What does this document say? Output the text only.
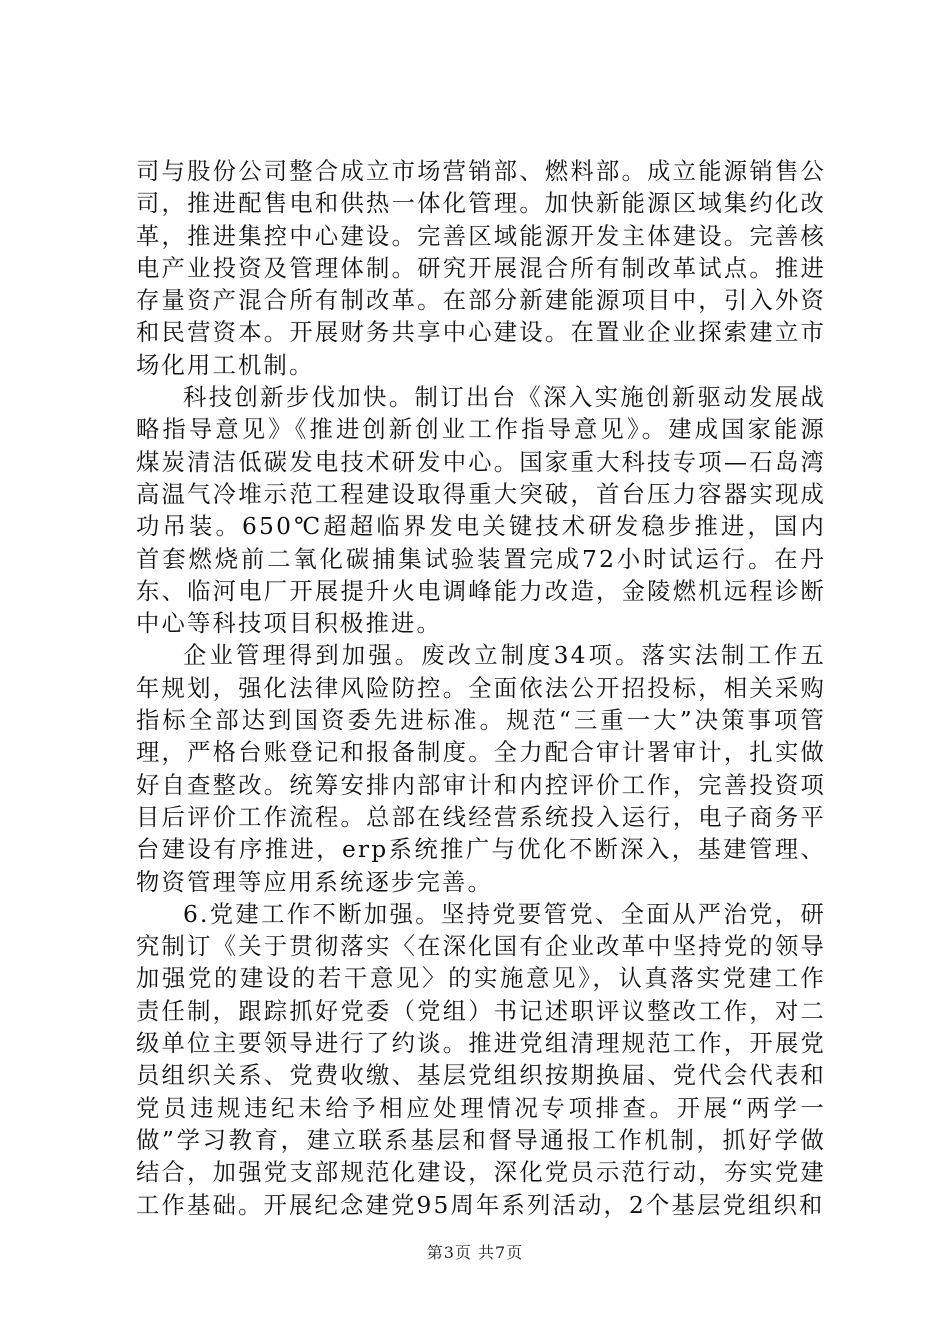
司与股份公司整合成立市场营销部、燃料部。成立能源销售公司，推进配售电和供热一体化管理。加快新能源区域集约化改革，推进集控中心建设。完善区域能源开发主体建设。完善核电产业投资及管理体制。研究开展混合所有制改革试点。推进存量资产混合所有制改革。在部分新建能源项目中，引入外资和民营资本。开展财务共享中心建设。在置业企业探索建立市场化用工机制。

科技创新步伐加快。制订出台《深入实施创新驱动发展战略指导意见》《推进创新创业工作指导意见》。建成国家能源煤炭清洁低碳发电技术研发中心。国家重大科技专项—石岛湾高温气冷堆示范工程建设取得重大突破，首台压力容器实现成功吊装。650℃超超临界发电关键技术研发稳步推进，国内首套燃烧前二氧化碳捕集试验装置完成72小时试运行。在丹东、临河电厂开展提升火电调峰能力改造，金陵燃机远程诊断中心等科技项目积极推进。

企业管理得到加强。废改立制度34项。落实法制工作五年规划，强化法律风险防控。全面依法公开招投标，相关采购指标全部达到国资委先进标准。规范“三重一大”决策事项管理，严格台账登记和报备制度。全力配合审计署审计，扎实做好自查整改。统筹安排内部审计和内控评价工作，完善投资项目后评价工作流程。总部在线经营系统投入运行，电子商务平台建设有序推进，erp系统推广与优化不断深入，基建管理、物资管理等应用系统逐步完善。

6.党建工作不断加强。坚持党要管党、全面从严治党，研究制订《关于贯彻落实〈在深化国有企业改革中坚持党的领导加强党的建设的若干意见〉的实施意见》，认真落实党建工作责任制，跟踪抓好党委（党组）书记述职评议整改工作，对二级单位主要领导进行了约谈。推进党组清理规范工作，开展党员组织关系、党费收缴、基层党组织按期换届、党代会代表和党员违规违纪未给予相应处理情况专项排查。开展“两学一做”学习教育，建立联系基层和督导通报工作机制，抓好学做结合，加强党支部规范化建设，深化党员示范行动，夯实党建工作基础。开展纪念建党95周年系列活动，2个基层党组织和

第3页 共7页
